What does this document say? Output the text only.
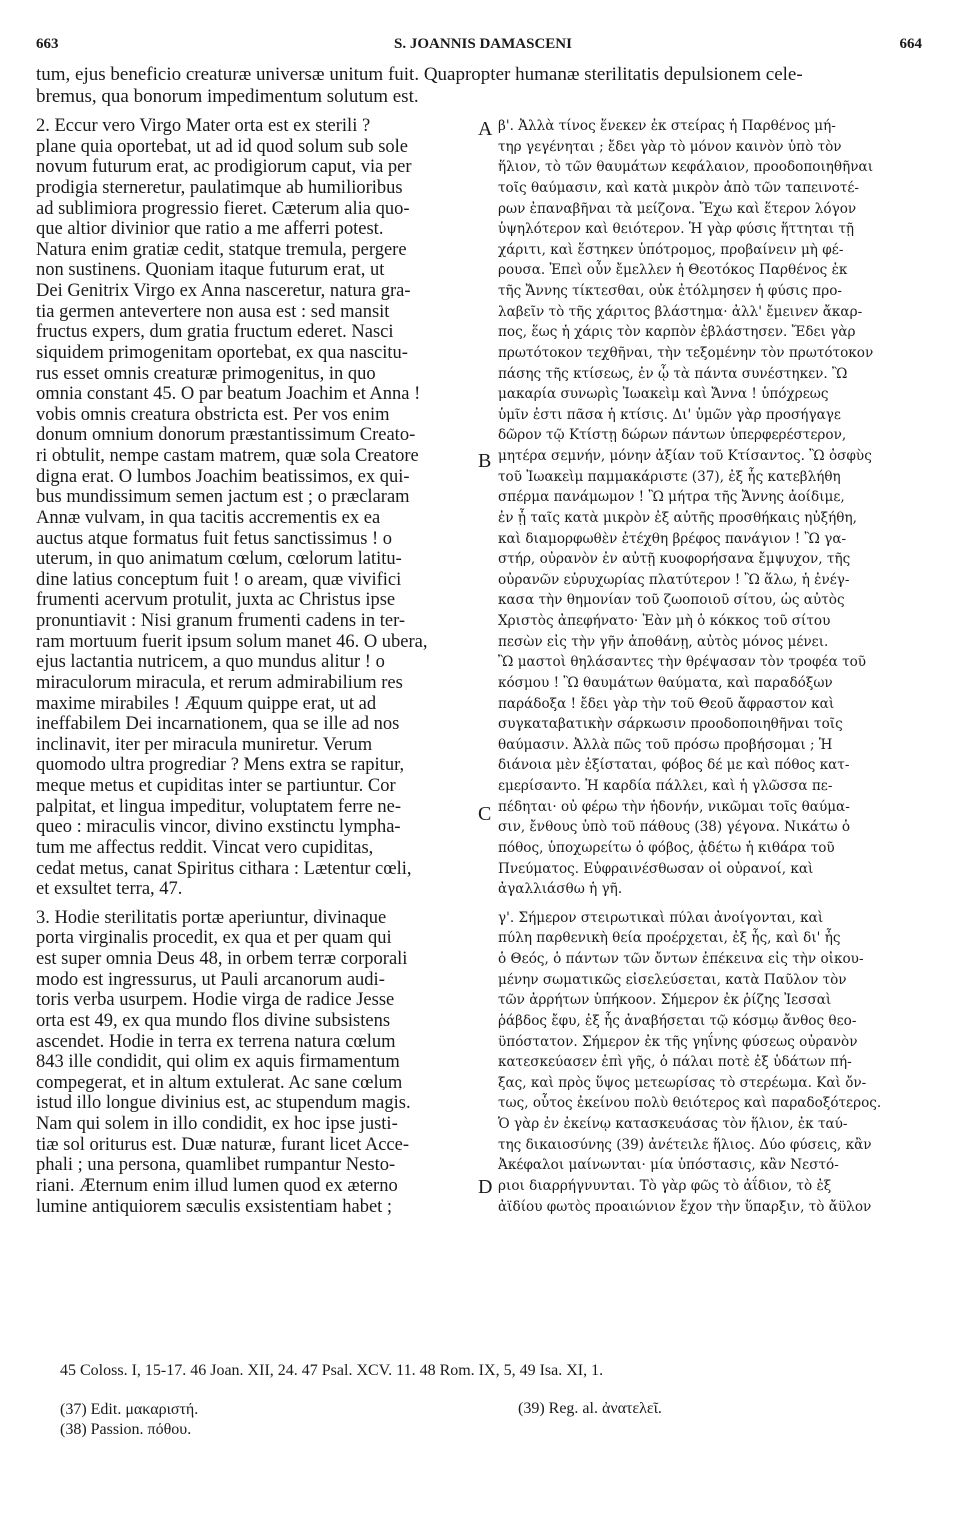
663	S. JOANNIS DAMASCENI	664
tum, ejus beneficio creaturæ universæ unitum fuit. Quapropter humanæ sterilitatis depulsionem cele-
bremus, qua bonorum impedimentum solutum est.
2. Eccur vero Virgo Mater orta est ex sterili ?
plane quia oportebat, ut ad id quod solum sub sole
novum futurum erat, ac prodigiorum caput, via per
prodigia sterneretur, paulatimque ab humilioribus
ad sublimiora progressio fieret. Cæterum alia quo-
que altior divinior que ratio a me afferri potest.
Natura enim gratiæ cedit, statque tremula, pergere
non sustinens. Quoniam itaque futurum erat, ut
Dei Genitrix Virgo ex Anna nasceretur, natura gra-
tia germen antevertere non ausa est : sed mansit
fructus expers, dum gratia fructum ederet. Nasci
siquidem primogenitam oportebat, ex qua nascitu-
rus esset omnis creaturæ primogenitus, in quo
omnia constant 45. O par beatum Joachim et Anna !
vobis omnis creatura obstricta est. Per vos enim
donum omnium donorum præstantissimum Creato-
ri obtulit, nempe castam matrem, quæ sola Creatore
digna erat. O lumbos Joachim beatissimos, ex qui-
bus mundissimum semen jactum est ; o præclaram
Annæ vulvam, in qua tacitis accrementis ex ea
auctus atque formatus fuit fetus sanctissimus ! o
uterum, in quo animatum cœlum, cœlorum latitu-
dine latius conceptum fuit ! o aream, quæ vivifici
frumenti acervum protulit, juxta ac Christus ipse
pronuntiavit : Nisi granum frumenti cadens in ter-
ram mortuum fuerit ipsum solum manet 46. O ubera,
ejus lactantia nutricem, a quo mundus alitur ! o
miraculorum miracula, et rerum admirabilium res
maxime mirabiles ! Æquum quippe erat, ut ad
ineffabilem Dei incarnationem, qua se ille ad nos
inclinavit, iter per miracula muniretur. Verum
quomodo ultra progrediar ? Mens extra se rapitur,
meque metus et cupiditas inter se partiuntur. Cor
palpitat, et lingua impeditur, voluptatem ferre ne-
queo : miraculis vincor, divino exstinctu lympha-
tum me affectus reddit. Vincat vero cupiditas,
cedat metus, canat Spiritus cithara : Lætentur cœli,
et exsultet terra, 47.
3. Hodie sterilitatis portæ aperiuntur, divinaque
porta virginalis procedit, ex qua et per quam qui
est super omnia Deus 48, in orbem terræ corporali
modo est ingressurus, ut Pauli arcanorum audi-
toris verba usurpem. Hodie virga de radice Jesse
orta est 49, ex qua mundo flos divine subsistens
ascendet. Hodie in terra ex terrena natura cœlum
843 ille condidit, qui olim ex aquis firmamentum
compegerat, et in altum extulerat. Ac sane cœlum
istud illo longue divinius est, ac stupendum magis.
Nam qui solem in illo condidit, ex hoc ipse justi-
tiæ sol oriturus est. Duæ naturæ, furant licet Acce-
phali ; una persona, quamlibet rumpantur Nesto-
riani. Æternum enim illud lumen quod ex æterno
lumine antiquiorem sæculis exsistentiam habet ;
β'. Ἀλλὰ τίνος ἕνεκεν ἐκ στείρας ἡ Παρθένος μή-
τηρ γεγένηται ; ἔδει γὰρ τὸ μόνον καινὸν ὑπὸ τὸν
ἥλιον, τὸ τῶν θαυμάτων κεφάλαιον, προοδοποιηθῆναι
τοῖς θαύμασιν, καὶ κατὰ μικρὸν ἀπὸ τῶν ταπεινοτέ-
ρων ἐπαναβῆναι τὰ μείζονα. Ἔχω καὶ ἕτερον λόγον
ὑψηλότερον καὶ θειότερον. Ἡ γὰρ φύσις ἥττηται τῇ
χάριτι, καὶ ἕστηκεν ὑπότρομος, προβαίνειν μὴ φέ-
ρουσα. Ἐπεὶ οὖν ἔμελλεν ἡ Θεοτόκος Παρθένος ἐκ
τῆς Ἄννης τίκτεσθαι, οὐκ ἐτόλμησεν ἡ φύσις προ-
λαβεῖν τὸ τῆς χάριτος βλάστημα· ἀλλ' ἔμεινεν ἄκαρ-
πος, ἕως ἡ χάρις τὸν καρπὸν ἐβλάστησεν. Ἔδει γὰρ
πρωτότοκον τεχθῆναι, τὴν τεξομένην τὸν πρωτότοκον
πάσης τῆς κτίσεως, ἐν ᾧ τὰ πάντα συνέστηκεν. Ὢ
μακαρία συνωρὶς Ἰωακεὶμ καὶ Ἄννα ! ὑπόχρεως
ὑμῖν ἐστι πᾶσα ἡ κτίσις. Δι' ὑμῶν γὰρ προσήγαγε
δῶρον τῷ Κτίστῃ δώρων πάντων ὑπερφερέστερον,
μητέρα σεμνήν, μόνην ἀξίαν τοῦ Κτίσαντος. Ὢ ὀσφὺς
τοῦ Ἰωακεὶμ παμμακάριστε (37), ἐξ ἧς κατεβλήθη
σπέρμα πανάμωμον ! Ὢ μήτρα τῆς Ἄννης ἀοίδιμε,
ἐν ᾗ ταῖς κατὰ μικρὸν ἐξ αὐτῆς προσθήκαις ηὐξήθη,
καὶ διαμορφωθὲν ἐτέχθη βρέφος πανάγιον ! Ὢ γα-
στήρ, οὐρανὸν ἐν αὐτῇ κυοφορήσανα ἔμψυχον, τῆς
οὐρανῶν εὐρυχωρίας πλατύτερον ! Ὢ ἅλω, ἡ ἐνέγ-
κασα τὴν θημονίαν τοῦ ζωοποιοῦ σίτου, ὡς αὐτὸς
Χριστὸς ἀπεφήνατο· Ἐὰν μὴ ὁ κόκκος τοῦ σίτου
πεσὼν εἰς τὴν γῆν ἀποθάνῃ, αὐτὸς μόνος μένει.
Ὢ μαστοὶ θηλάσαντες τὴν θρέψασαν τὸν τροφέα τοῦ
κόσμου ! Ὢ θαυμάτων θαύματα, καὶ παραδόξων
παράδοξα ! ἔδει γὰρ τὴν τοῦ Θεοῦ ἄφραστον καὶ
συγκαταβατικὴν σάρκωσιν προοδοποιηθῆναι τοῖς
θαύμασιν. Ἀλλὰ πῶς τοῦ πρόσω προβήσομαι ; Ἡ
διάνοια μὲν ἐξίσταται, φόβος δέ με καὶ πόθος κατ-
εμερίσαντο. Ἡ καρδία πάλλει, καὶ ἡ γλῶσσα πε-
πέδηται· οὐ φέρω τὴν ἡδονήν, νικῶμαι τοῖς θαύμα-
σιν, ἔνθους ὑπὸ τοῦ πάθους (38) γέγονα. Νικάτω ὁ
πόθος, ὑποχωρείτω ὁ φόβος, ᾀδέτω ἡ κιθάρα τοῦ
Πνεύματος. Εὐφραινέσθωσαν οἱ οὐρανοί, καὶ
ἀγαλλιάσθω ἡ γῆ.
γ'. Σήμερον στειρωτικαὶ πύλαι ἀνοίγονται, καὶ
πύλη παρθενικὴ θεία προέρχεται, ἐξ ἧς, καὶ δι' ἧς
ὁ Θεός, ὁ πάντων τῶν ὄντων ἐπέκεινα εἰς τὴν οἰκου-
μένην σωματικῶς εἰσελεύσεται, κατὰ Παῦλον τὸν
τῶν ἀρρήτων ὑπήκοον. Σήμερον ἐκ ῥίζης Ἰεσσαὶ
ῥάβδος ἔφυ, ἐξ ἧς ἀναβήσεται τῷ κόσμῳ ἄνθος θεο-
ϋπόστατον. Σήμερον ἐκ τῆς γηΐνης φύσεως οὐρανὸν
κατεσκεύασεν ἐπὶ γῆς, ὁ πάλαι ποτὲ ἐξ ὑδάτων πή-
ξας, καὶ πρὸς ὕψος μετεωρίσας τὸ στερέωμα. Καὶ ὄν-
τως, οὗτος ἐκείνου πολὺ θειότερος καὶ παραδοξότερος.
Ὁ γὰρ ἐν ἐκείνῳ κατασκευάσας τὸν ἥλιον, ἐκ ταύ-
της δικαιοσύνης (39) ἀνέτειλε ἥλιος. Δύο φύσεις, κἂν
Ἀκέφαλοι μαίνωνται· μία ὑπόστασις, κἂν Νεστό-
ριοι διαρρήγνυνται. Τὸ γὰρ φῶς τὸ ἀΐδιον, τὸ ἐξ
ἀϊδίου φωτὸς προαιώνιον ἔχον τὴν ὕπαρξιν, τὸ ἄϋλον
A
B
C
D
45 Coloss. I, 15-17. 46 Joan. XII, 24. 47 Psal. XCV. 11. 48 Rom. IX, 5, 49 Isa. XI, 1.
(37) Edit. μακαριστή.
(38) Passion. πόθου.
(39) Reg. al. ἀνατελεῖ.
